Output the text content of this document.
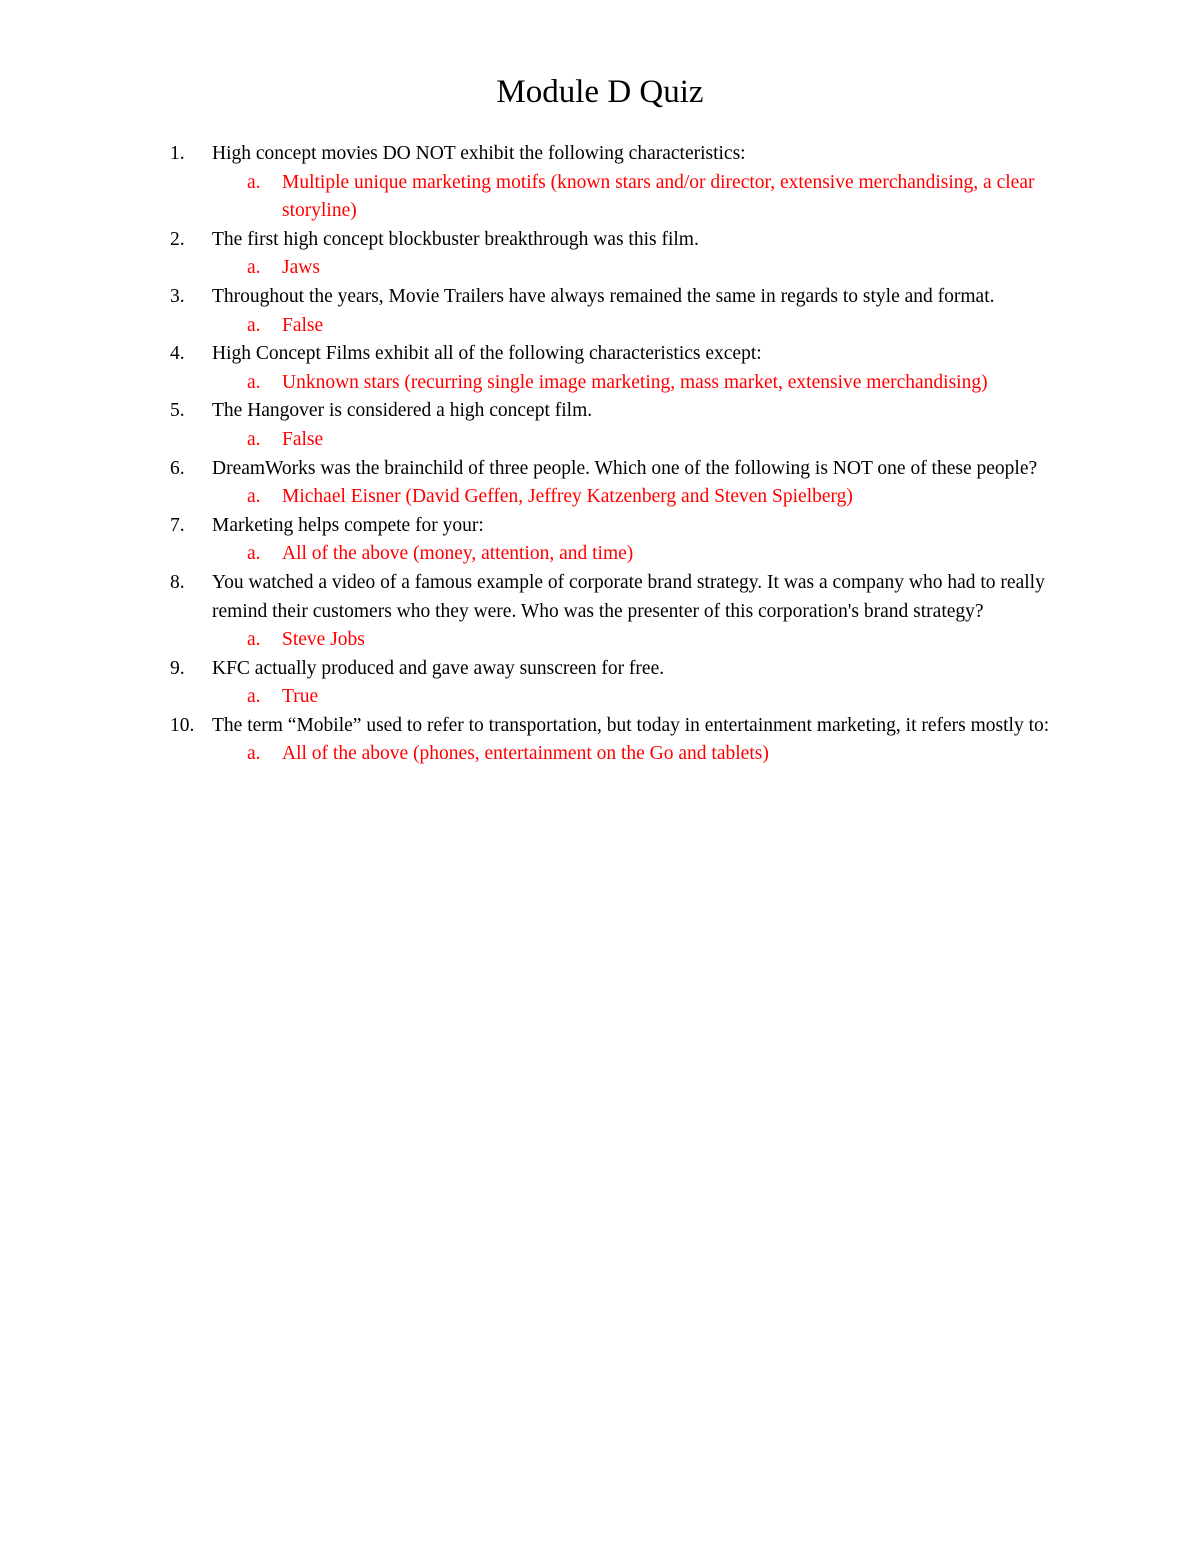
Module D Quiz
1.	High concept movies DO NOT exhibit the following characteristics:
a.	Multiple unique marketing motifs (known stars and/or director, extensive merchandising, a clear storyline)
2.	The first high concept blockbuster breakthrough was this film.
a.	Jaws
3.	Throughout the years, Movie Trailers have always remained the same in regards to style and format.
a.	False
4.	High Concept Films exhibit all of the following characteristics except:
a.	Unknown stars (recurring single image marketing, mass market, extensive merchandising)
5.	The Hangover is considered a high concept film.
a.	False
6.	DreamWorks was the brainchild of three people. Which one of the following is NOT one of these people?
a.	Michael Eisner (David Geffen, Jeffrey Katzenberg and Steven Spielberg)
7.	Marketing helps compete for your:
a.	All of the above (money, attention, and time)
8.	You watched a video of a famous example of corporate brand strategy. It was a company who had to really remind their customers who they were. Who was the presenter of this corporation's brand strategy?
a.	Steve Jobs
9.	KFC actually produced and gave away sunscreen for free.
a.	True
10. The term “Mobile” used to refer to transportation, but today in entertainment marketing, it refers mostly to:
a.	All of the above (phones, entertainment on the Go and tablets)
